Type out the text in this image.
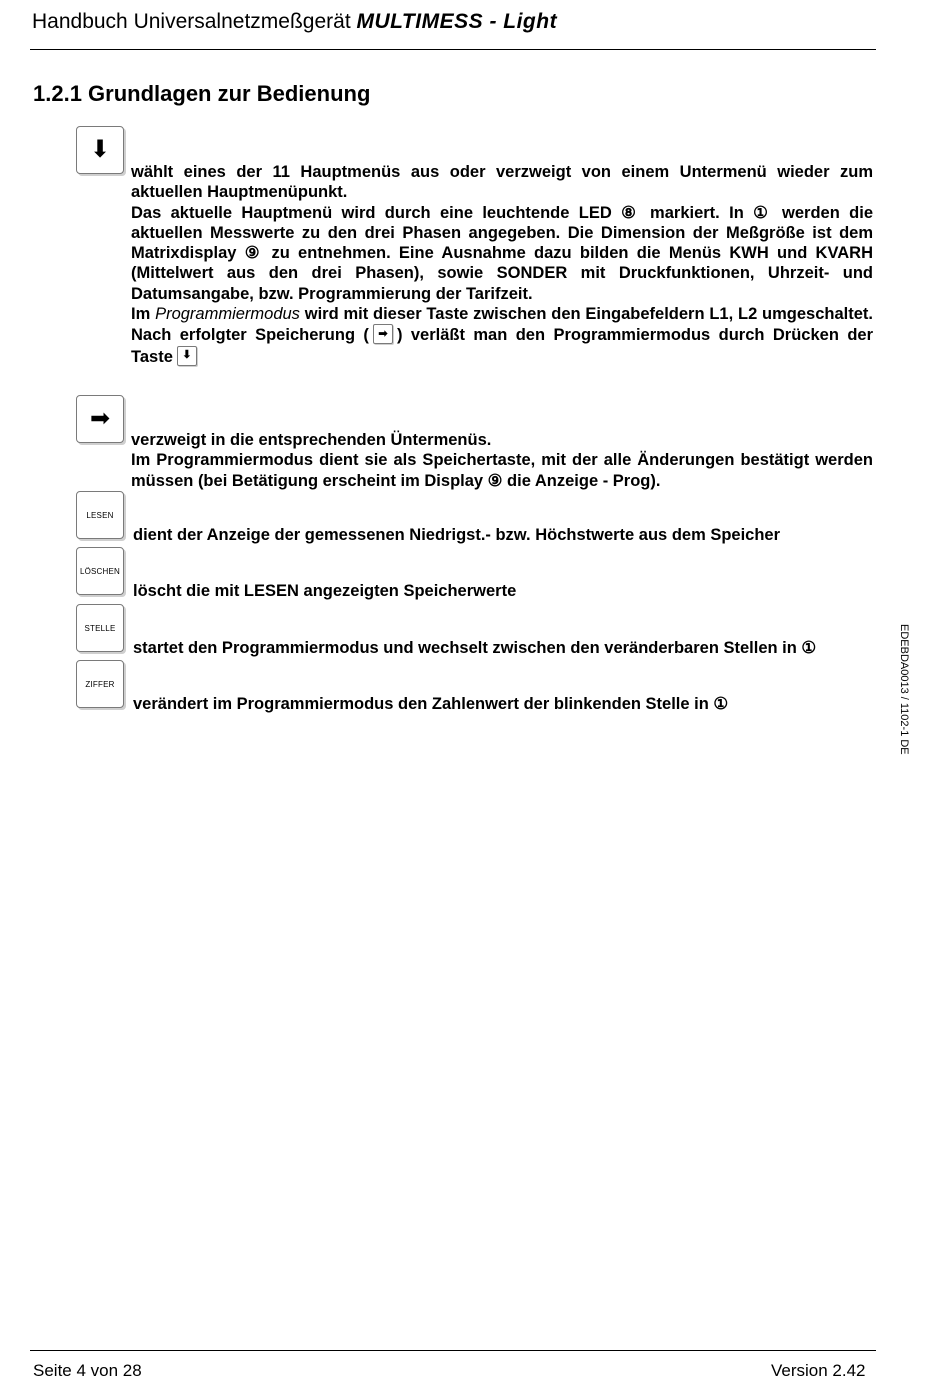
Handbuch Universalnetzmeßgerät MULTIMESS - Light
1.2.1 Grundlagen zur Bedienung
⬇

wählt eines der 11 Hauptmenüs aus oder verzweigt von einem Untermenü wieder zum aktuellen Hauptmenüpunkt.

Das aktuelle Hauptmenü wird durch eine leuchtende LED ⑧ markiert. In ① werden die aktuellen Messwerte zu den drei Phasen angegeben. Die Dimension der Meßgröße ist dem Matrixdisplay ⑨ zu entnehmen. Eine Ausnahme dazu bilden die Menüs KWH und KVARH (Mittelwert aus den drei Phasen), sowie SONDER mit Druckfunktionen, Uhrzeit- und Datumsangabe, bzw. Programmierung der Tarifzeit.

Im Programmiermodus wird mit dieser Taste zwischen den Eingabefeldern L1, L2 umgeschaltet. Nach erfolgter Speicherung ( ➡ ) verläßt man den Programmiermodus durch Drücken der Taste ⬇

➡

verzweigt in die entsprechenden Üntermenüs.

Im Programmiermodus dient sie als Speichertaste, mit der alle Änderungen bestätigt werden müssen (bei Betätigung erscheint im Display ⑨ die Anzeige - Prog).

LESEN
dient der Anzeige der gemessenen Niedrigst.- bzw. Höchstwerte aus dem Speicher
LÖSCHEN
löscht die mit LESEN angezeigten Speicherwerte
STELLE
startet den Programmiermodus und wechselt zwischen den veränderbaren Stellen in ①
ZIFFER
verändert im Programmiermodus den Zahlenwert der blinkenden Stelle in ①	EDEBDA0013 / 1102-1 DE
Seite 4 von 28	Version 2.42
